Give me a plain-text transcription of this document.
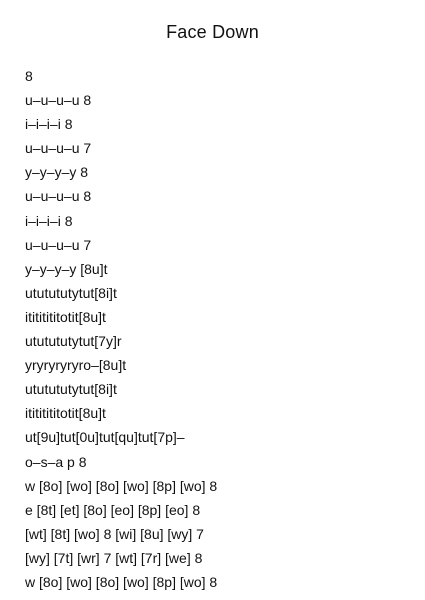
Face Down
8
u–u–u–u 8
i–i–i–i 8
u–u–u–u 7
y–y–y–y 8
u–u–u–u 8
i–i–i–i 8
u–u–u–u 7
y–y–y–y [8u]t
ututututytut[8i]t
itititititotit[8u]t
ututututytut[7y]r
yryryryryro–[8u]t
ututututytut[8i]t
itititititotit[8u]t
ut[9u]tut[0u]tut[qu]tut[7p]–
o–s–a p 8
w [8o] [wo] [8o] [wo] [8p] [wo] 8
e [8t] [et] [8o] [eo] [8p] [eo] 8
[wt] [8t] [wo] 8 [wi] [8u] [wy] 7
[wy] [7t] [wr] 7 [wt] [7r] [we] 8
w [8o] [wo] [8o] [wo] [8p] [wo] 8
